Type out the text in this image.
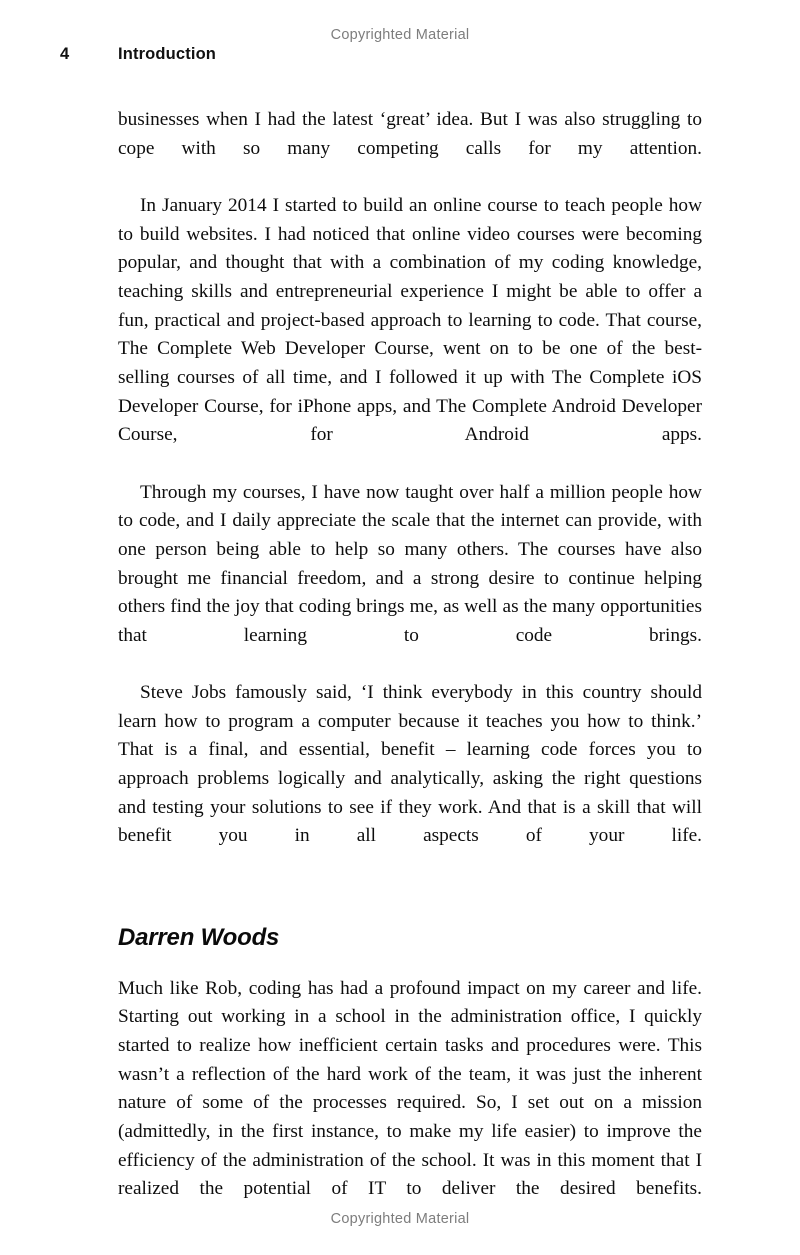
Copyrighted Material
4	Introduction

businesses when I had the latest ‘great’ idea. But I was also struggling to cope with so many competing calls for my attention.

In January 2014 I started to build an online course to teach people how to build websites. I had noticed that online video courses were becoming popular, and thought that with a combination of my coding knowledge, teaching skills and entrepreneurial experience I might be able to offer a fun, practical and project-based approach to learning to code. That course, The Complete Web Developer Course, went on to be one of the best-selling courses of all time, and I followed it up with The Complete iOS Developer Course, for iPhone apps, and The Complete Android Developer Course, for Android apps.

Through my courses, I have now taught over half a million people how to code, and I daily appreciate the scale that the internet can provide, with one person being able to help so many others. The courses have also brought me financial freedom, and a strong desire to continue helping others find the joy that coding brings me, as well as the many opportunities that learning to code brings.

Steve Jobs famously said, ‘I think everybody in this country should learn how to program a computer because it teaches you how to think.’ That is a final, and essential, benefit – learning code forces you to approach problems logically and analytically, asking the right questions and testing your solutions to see if they work. And that is a skill that will benefit you in all aspects of your life.

Darren Woods

Much like Rob, coding has had a profound impact on my career and life. Starting out working in a school in the administration office, I quickly started to realize how inefficient certain tasks and procedures were. This wasn’t a reflection of the hard work of the team, it was just the inherent nature of some of the processes required. So, I set out on a mission (admittedly, in the first instance, to make my life easier) to improve the efficiency of the administration of the school. It was in this moment that I realized the potential of IT to deliver the desired benefits.

Copyrighted Material
